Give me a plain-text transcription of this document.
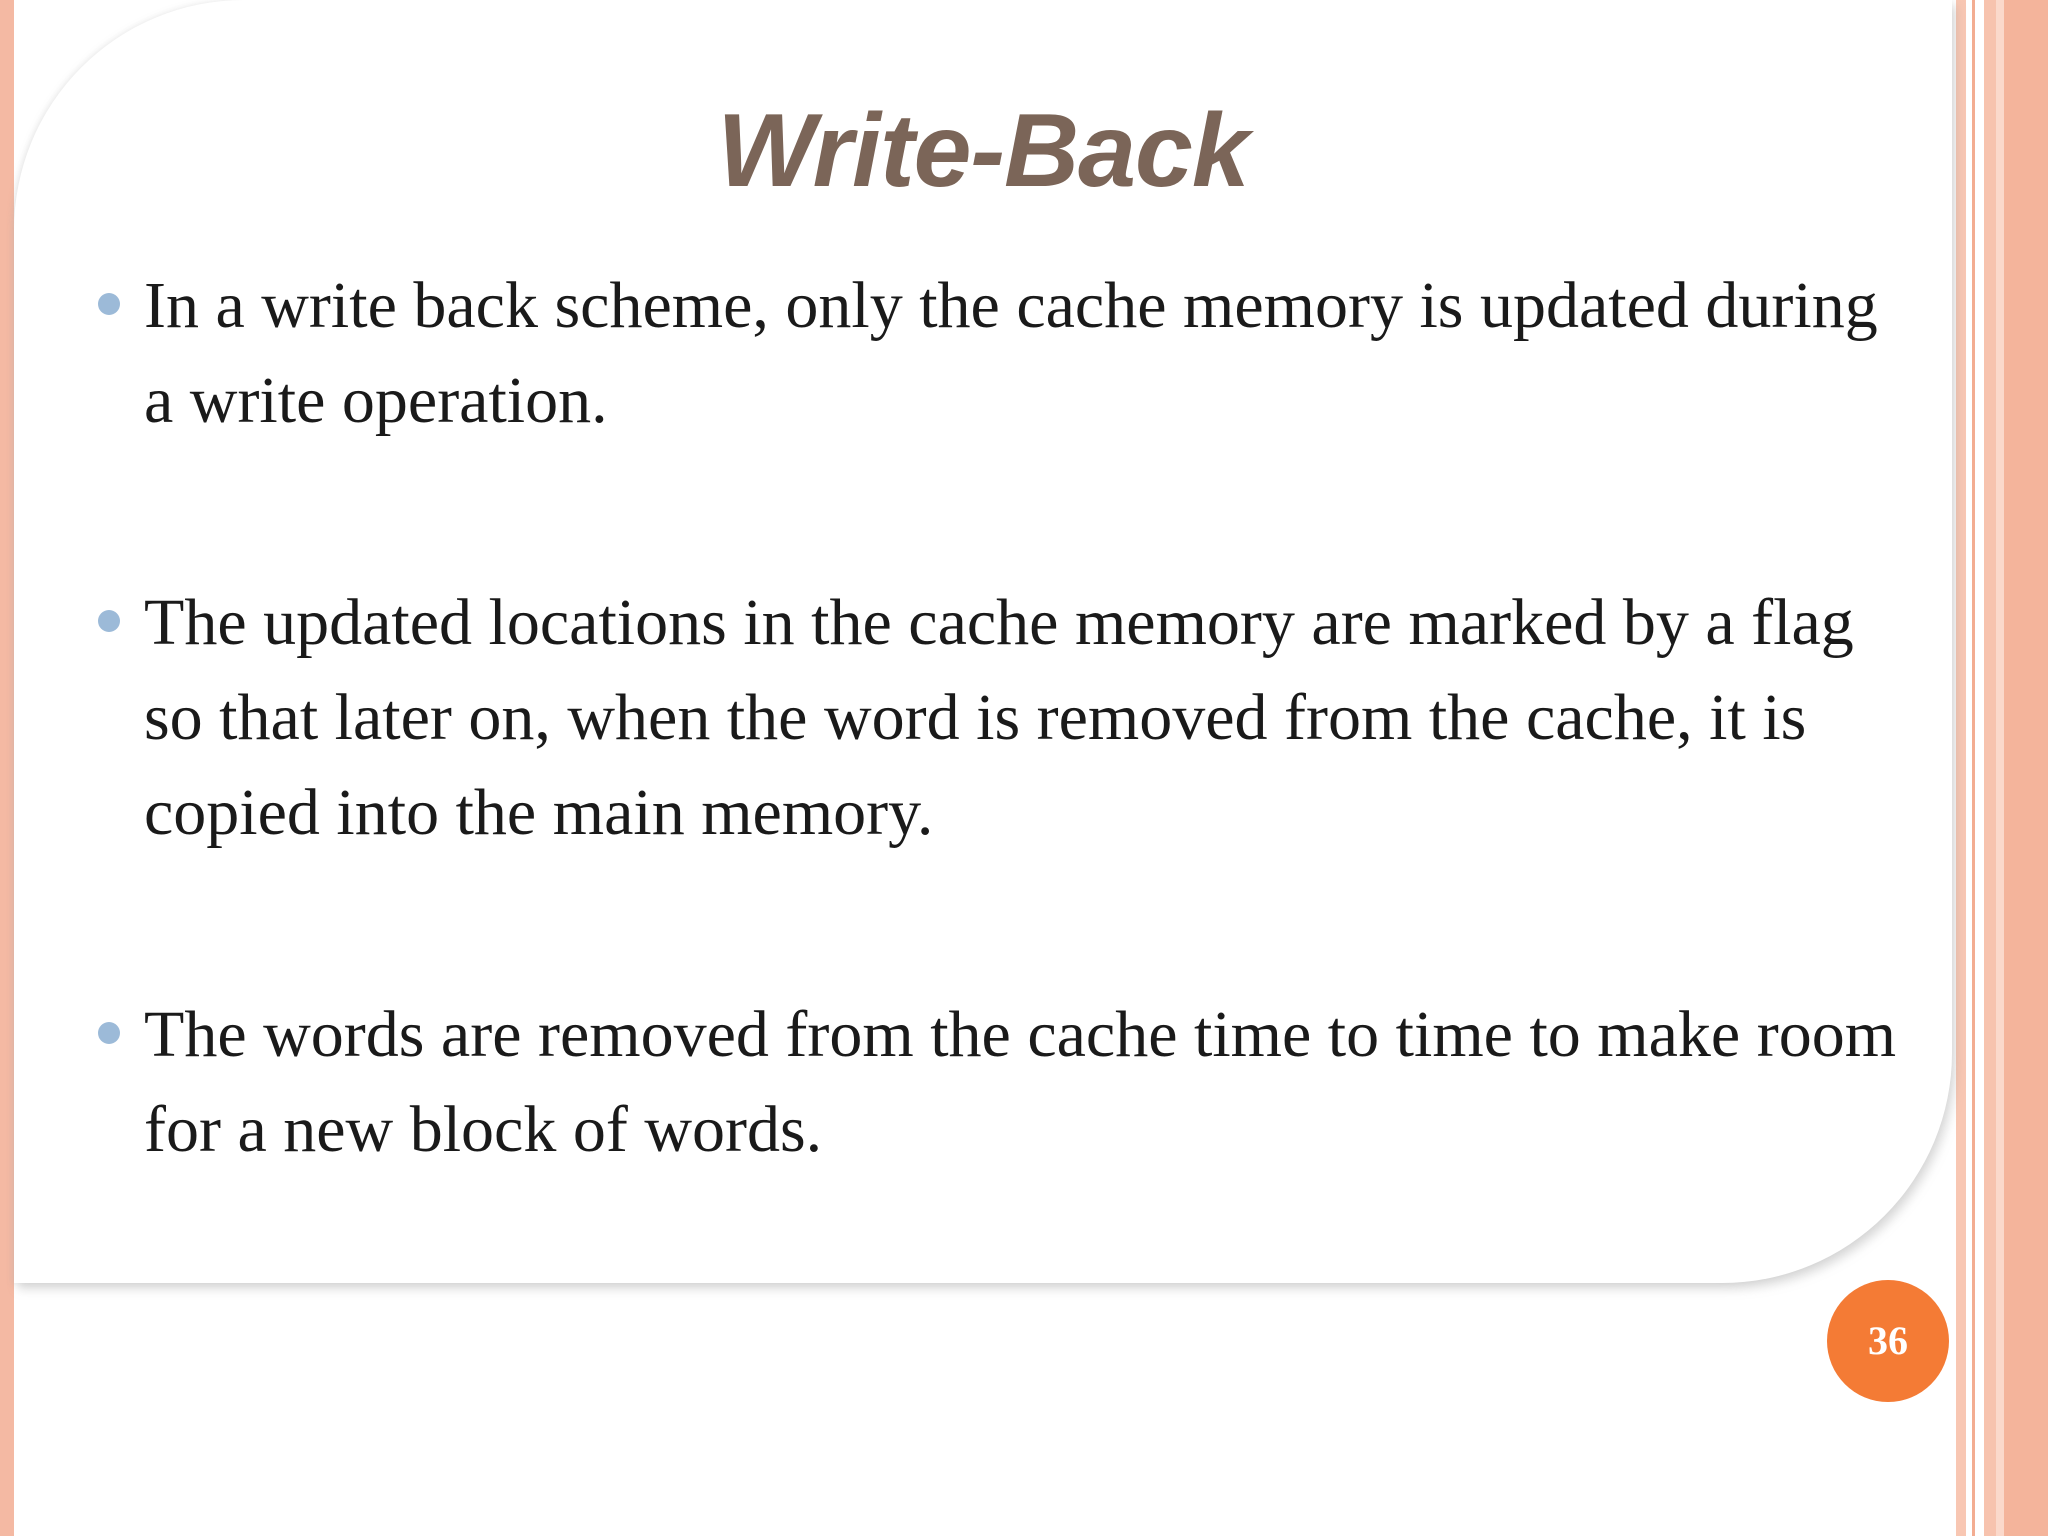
Write-Back
In a write back scheme, only the cache memory is updated during a write operation.
The updated locations in the cache memory are marked by a flag so that later on, when the word is removed from the cache, it is copied into the main memory.
The words are removed from the cache time to time to make room for a new block of words.
36
